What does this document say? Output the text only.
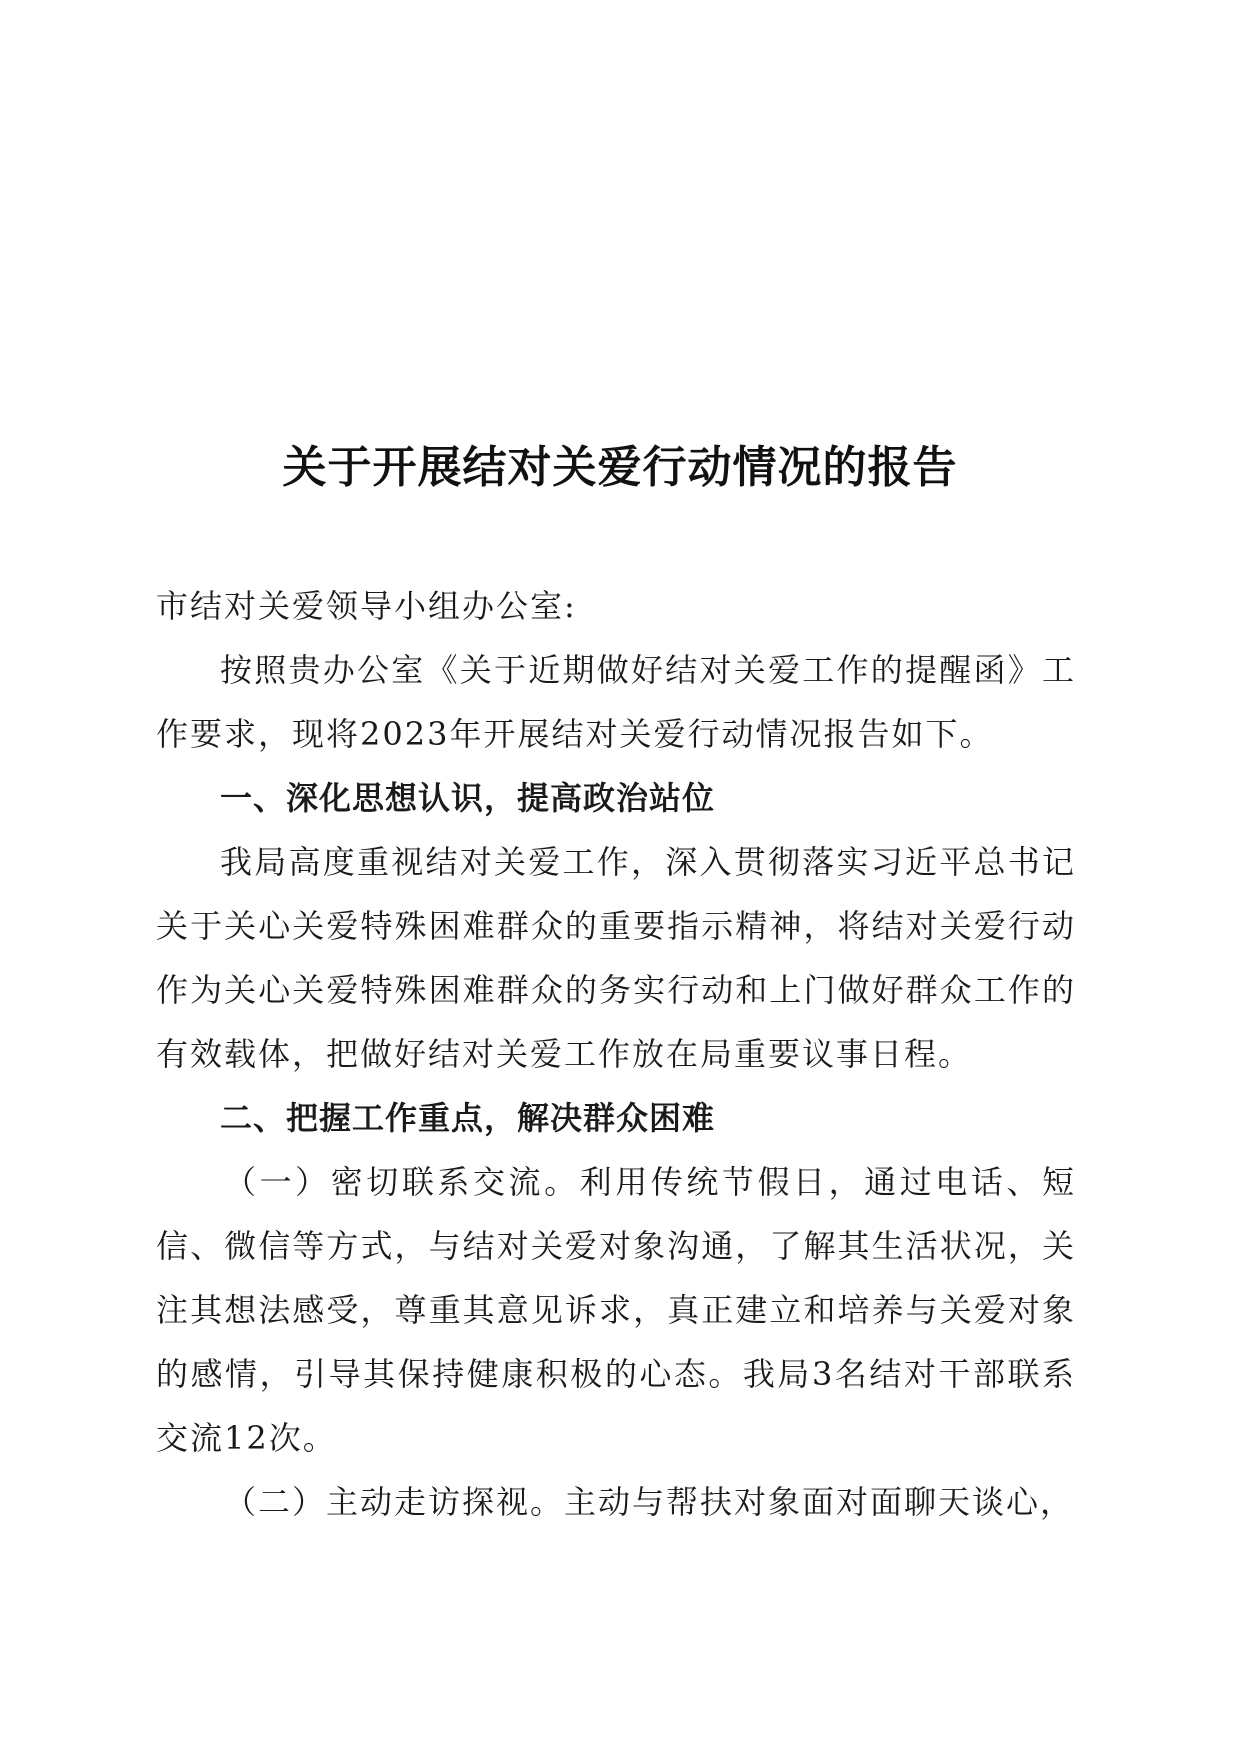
关于开展结对关爱行动情况的报告

市结对关爱领导小组办公室:

按照贵办公室《关于近期做好结对关爱工作的提醒函》工作要求，现将2023年开展结对关爱行动情况报告如下。

一、深化思想认识，提高政治站位

我局高度重视结对关爱工作，深入贯彻落实习近平总书记关于关心关爱特殊困难群众的重要指示精神，将结对关爱行动作为关心关爱特殊困难群众的务实行动和上门做好群众工作的有效载体，把做好结对关爱工作放在局重要议事日程。

二、把握工作重点，解决群众困难

（一）密切联系交流。利用传统节假日，通过电话、短信、微信等方式，与结对关爱对象沟通，了解其生活状况，关注其想法感受，尊重其意见诉求，真正建立和培养与关爱对象的感情，引导其保持健康积极的心态。我局3名结对干部联系交流12次。

（二）主动走访探视。主动与帮扶对象面对面聊天谈心，
